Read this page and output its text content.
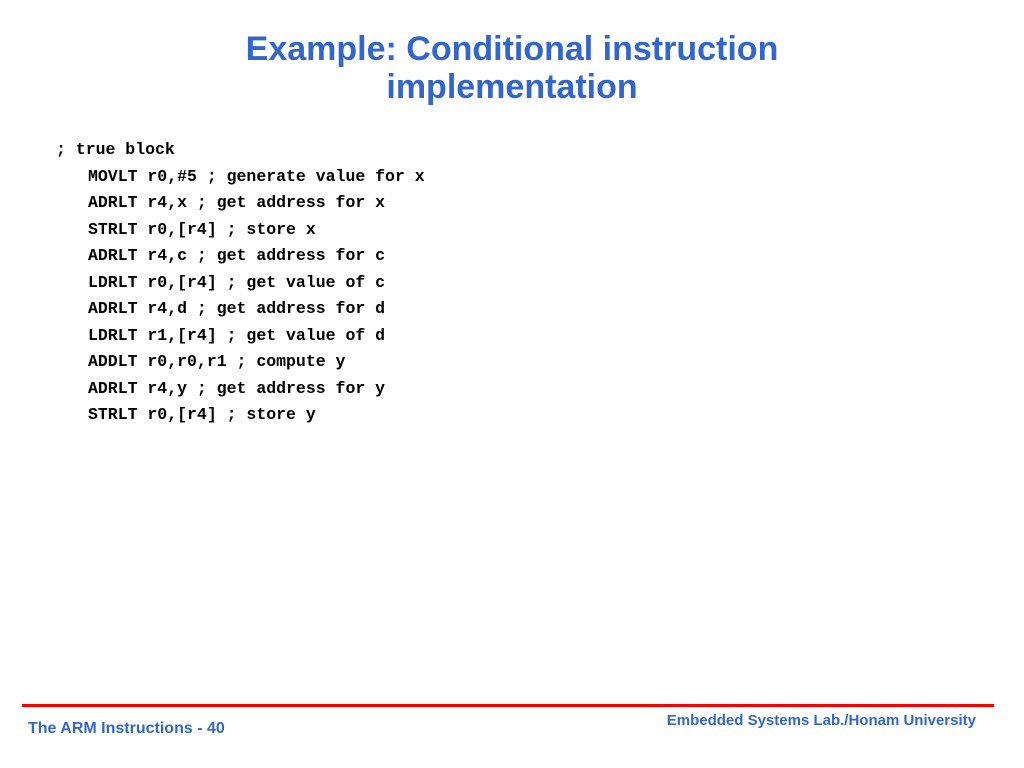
Example: Conditional instruction
implementation
; true block
MOVLT r0,#5 ; generate value for x
ADRLT r4,x ; get address for x
STRLT r0,[r4] ; store x
ADRLT r4,c ; get address for c
LDRLT r0,[r4] ; get value of c
ADRLT r4,d ; get address for d
LDRLT r1,[r4] ; get value of d
ADDLT r0,r0,r1 ; compute y
ADRLT r4,y ; get address for y
STRLT r0,[r4] ; store y
Embedded Systems Lab./Honam University
The ARM Instructions - 40
